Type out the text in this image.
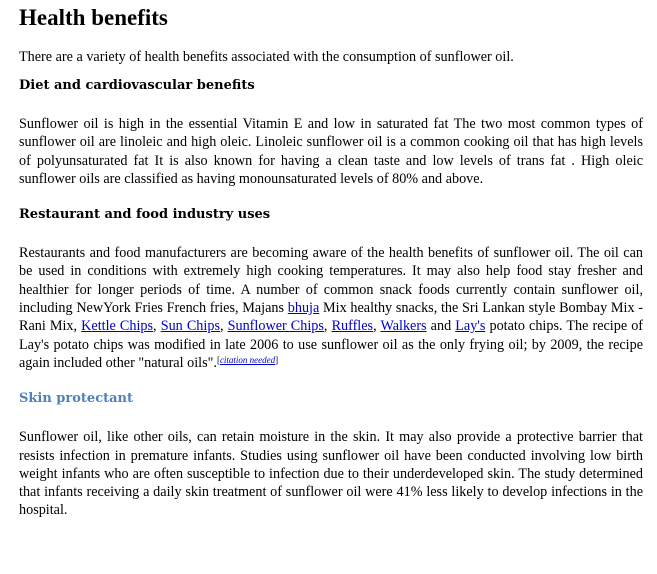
Health benefits

There are a variety of health benefits associated with the consumption of sunflower oil.

Diet and cardiovascular benefits

Sunflower oil is high in the essential Vitamin E and low in saturated fat The two most common types of sunflower oil are linoleic and high oleic. Linoleic sunflower oil is a common cooking oil that has high levels of polyunsaturated fat It is also known for having a clean taste and low levels of trans fat . High oleic sunflower oils are classified as having monounsaturated levels of 80% and above.

Restaurant and food industry uses

Restaurants and food manufacturers are becoming aware of the health benefits of sunflower oil. The oil can be used in conditions with extremely high cooking temperatures. It may also help food stay fresher and healthier for longer periods of time. A number of common snack foods currently contain sunflower oil, including NewYork Fries French fries, Majans bhuja Mix healthy snacks, the Sri Lankan style Bombay Mix - Rani Mix, Kettle Chips, Sun Chips, Sunflower Chips, Ruffles, Walkers and Lay's potato chips. The recipe of Lay's potato chips was modified in late 2006 to use sunflower oil as the only frying oil; by 2009, the recipe again included other "natural oils".[citation needed]

Skin protectant

Sunflower oil, like other oils, can retain moisture in the skin. It may also provide a protective barrier that resists infection in premature infants. Studies using sunflower oil have been conducted involving low birth weight infants who are often susceptible to infection due to their underdeveloped skin. The study determined that infants receiving a daily skin treatment of sunflower oil were 41% less likely to develop infections in the hospital.
